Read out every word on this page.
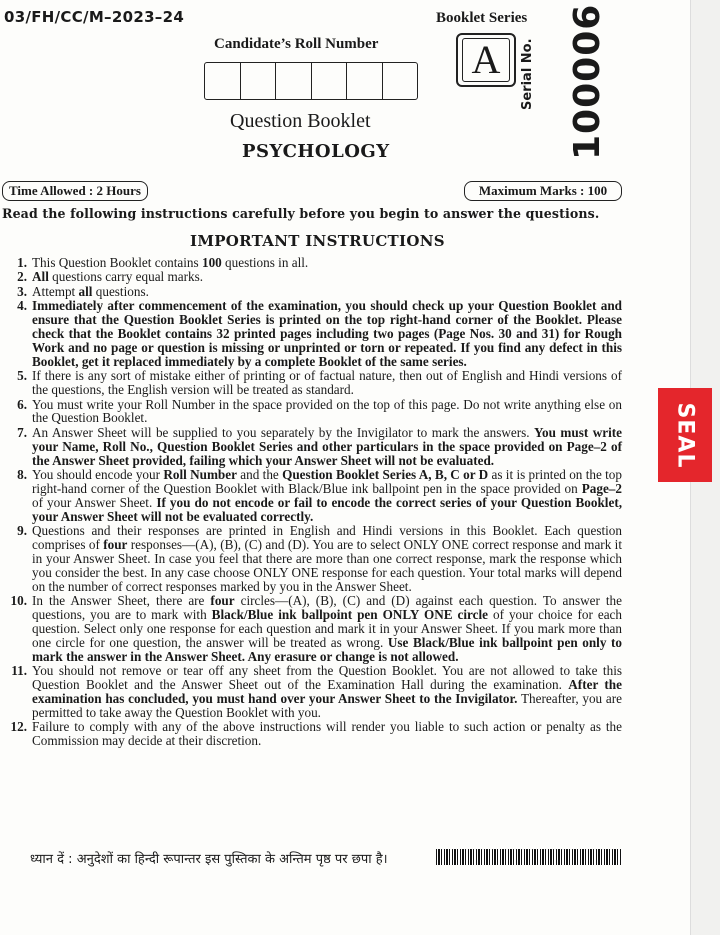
03/FH/CC/M–2023–24	Booklet Series
Candidate’s Roll Number A	Serial No. 100006
Question Booklet
PSYCHOLOGY
Time Allowed : 2 Hours	Maximum Marks : 100
Read the following instructions carefully before you begin to answer the questions.
IMPORTANT INSTRUCTIONS
1. This Question Booklet contains 100 questions in all.
2. All questions carry equal marks.
3. Attempt all questions.
4. Immediately after commencement of the examination, you should check up your Question Booklet and ensure that the Question Booklet Series is printed on the top right-hand corner of the Booklet. Please check that the Booklet contains 32 printed pages including two pages (Page Nos. 30 and 31) for Rough Work and no page or question is missing or unprinted or torn or repeated. If you find any defect in this Booklet, get it replaced immediately by a complete Booklet of the same series.
5. If there is any sort of mistake either of printing or of factual nature, then out of English and Hindi versions of the questions, the English version will be treated as standard.
6. You must write your Roll Number in the space provided on the top of this page. Do not write anything else on the Question Booklet.
7. An Answer Sheet will be supplied to you separately by the Invigilator to mark the answers. You must write your Name, Roll No., Question Booklet Series and other particulars in the space provided on Page–2 of the Answer Sheet provided, failing which your Answer Sheet will not be evaluated.
8. You should encode your Roll Number and the Question Booklet Series A, B, C or D as it is printed on the top right-hand corner of the Question Booklet with Black/Blue ink ballpoint pen in the space provided on Page–2 of your Answer Sheet. If you do not encode or fail to encode the correct series of your Question Booklet, your Answer Sheet will not be evaluated correctly.
9. Questions and their responses are printed in English and Hindi versions in this Booklet. Each question comprises of four responses—(A), (B), (C) and (D). You are to select ONLY ONE correct response and mark it in your Answer Sheet. In case you feel that there are more than one correct response, mark the response which you consider the best. In any case choose ONLY ONE response for each question. Your total marks will depend on the number of correct responses marked by you in the Answer Sheet.
10. In the Answer Sheet, there are four circles—(A), (B), (C) and (D) against each question. To answer the questions, you are to mark with Black/Blue ink ballpoint pen ONLY ONE circle of your choice for each question. Select only one response for each question and mark it in your Answer Sheet. If you mark more than one circle for one question, the answer will be treated as wrong. Use Black/Blue ink ballpoint pen only to mark the answer in the Answer Sheet. Any erasure or change is not allowed.
11. You should not remove or tear off any sheet from the Question Booklet. You are not allowed to take this Question Booklet and the Answer Sheet out of the Examination Hall during the examination. After the examination has concluded, you must hand over your Answer Sheet to the Invigilator. Thereafter, you are permitted to take away the Question Booklet with you.
12. Failure to comply with any of the above instructions will render you liable to such action or penalty as the Commission may decide at their discretion.
ध्यान दें : अनुदेशों का हिन्दी रूपान्तर इस पुस्तिका के अन्तिम पृष्ठ पर छपा है।
SEAL
